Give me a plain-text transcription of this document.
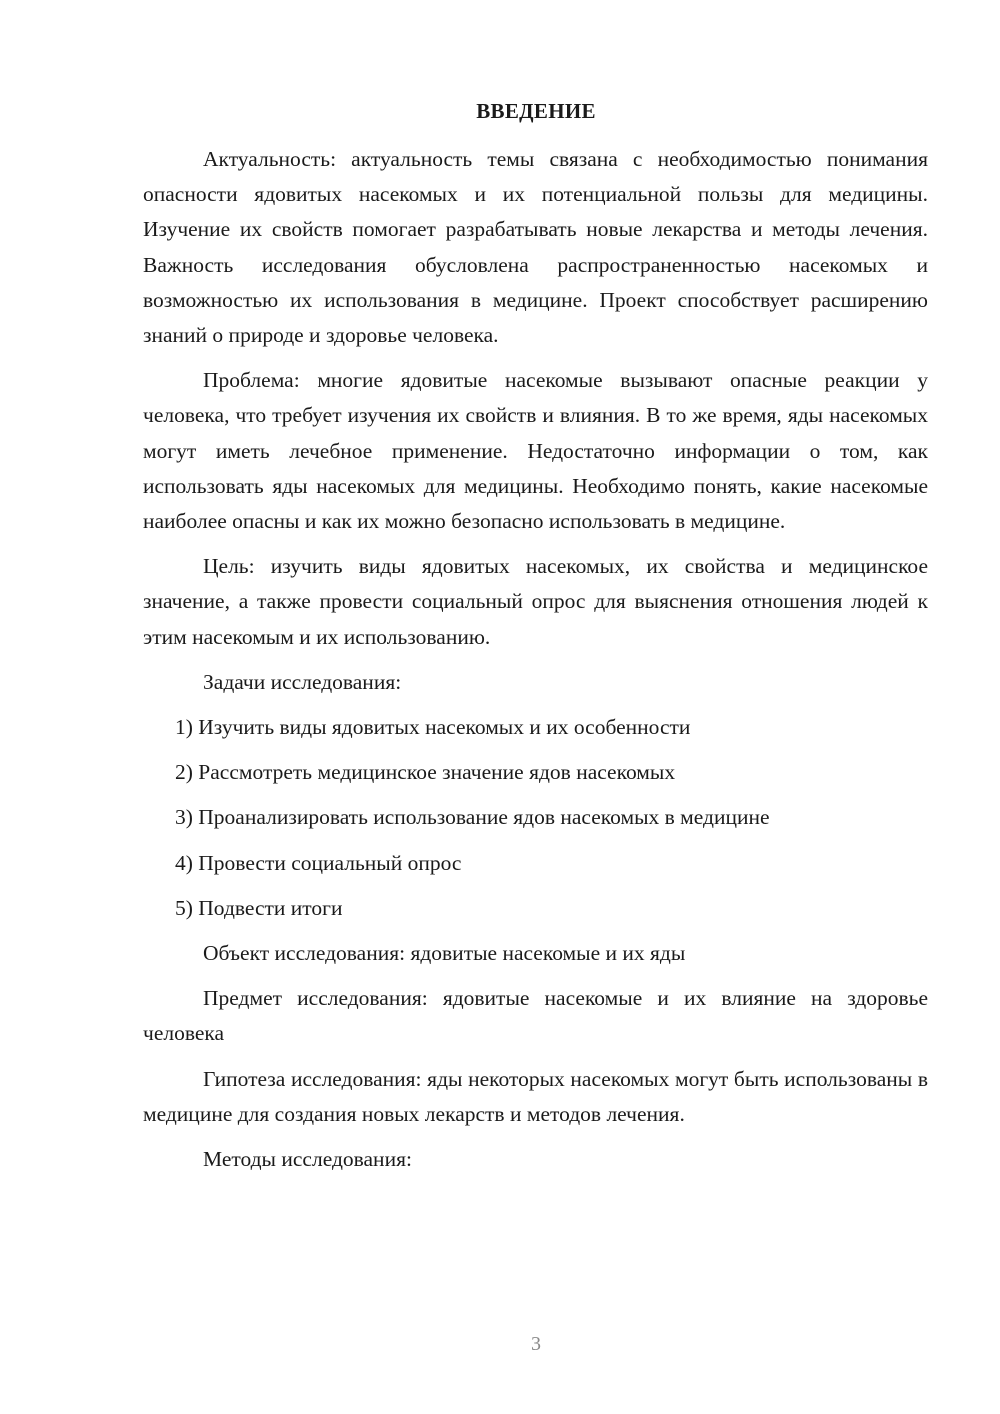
ВВЕДЕНИЕ

Актуальность: актуальность темы связана с необходимостью понимания опасности ядовитых насекомых и их потенциальной пользы для медицины. Изучение их свойств помогает разрабатывать новые лекарства и методы лечения. Важность исследования обусловлена распространенностью насекомых и возможностью их использования в медицине. Проект способствует расширению знаний о природе и здоровье человека.

Проблема: многие ядовитые насекомые вызывают опасные реакции у человека, что требует изучения их свойств и влияния. В то же время, яды насекомых могут иметь лечебное применение. Недостаточно информации о том, как использовать яды насекомых для медицины. Необходимо понять, какие насекомые наиболее опасны и как их можно безопасно использовать в медицине.

Цель: изучить виды ядовитых насекомых, их свойства и медицинское значение, а также провести социальный опрос для выяснения отношения людей к этим насекомым и их использованию.

Задачи исследования:

1) Изучить виды ядовитых насекомых и их особенности
2) Рассмотреть медицинское значение ядов насекомых
3) Проанализировать использование ядов насекомых в медицине
4) Провести социальный опрос
5) Подвести итоги

Объект исследования: ядовитые насекомые и их яды

Предмет исследования: ядовитые насекомые и их влияние на здоровье человека

Гипотеза исследования: яды некоторых насекомых могут быть использованы в медицине для создания новых лекарств и методов лечения.

Методы исследования:

3
